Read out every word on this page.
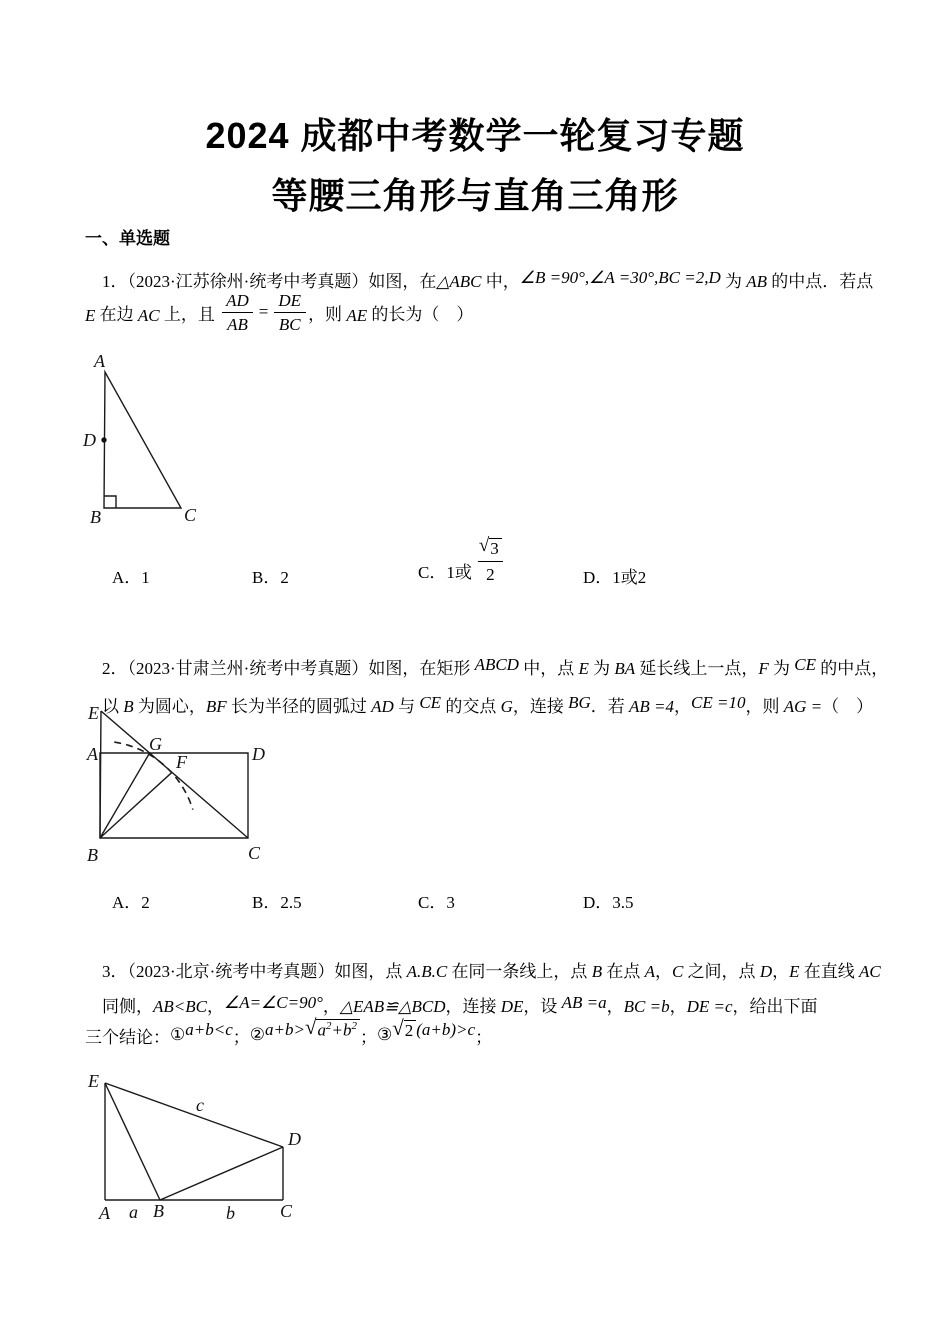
2024 成都中考数学一轮复习专题
等腰三角形与直角三角形
一、单选题

1．（2023·江苏徐州·统考中考真题）如图，在△ABC 中，∠B =90°,∠A =30°,BC =2,D 为 AB 的中点．若点

E 在边 AC 上，且 $\frac{AD}{AB} = \frac{DE}{BC}$ ，则 AE 的长为（　）
A
D
B	C
A．1	B．2	C．1或
√ 3
2	D．1或2

2．（2023·甘肃兰州·统考中考真题）如图，在矩形 ABCD 中，点 E 为 BA 延长线上一点，F 为 CE 的中点，

以 B 为圆心，BF 长为半径的圆弧过 AD 与 CE 的交点 G，连接 BG．若 AB =4，CE =10，则 AG =（　）

E
A	D
G
F
B	C
A．2	B．2.5	C．3	D．3.5

3．（2023·北京·统考中考真题）如图，点 A.B.C 在同一条线上，点 B 在点 A，C 之间，点 D，E 在直线 AC

同侧，AB<BC，∠A=∠C=90°，△EAB≌△BCD，连接 DE，设 AB =a，BC =b，DE =c，给出下面

三个结论： ① a+b<c ； ② a+b> √ $a^2+b^2$
； ③ √ 2 (a+b)>c ；
E
A a B	b	C
D
c
